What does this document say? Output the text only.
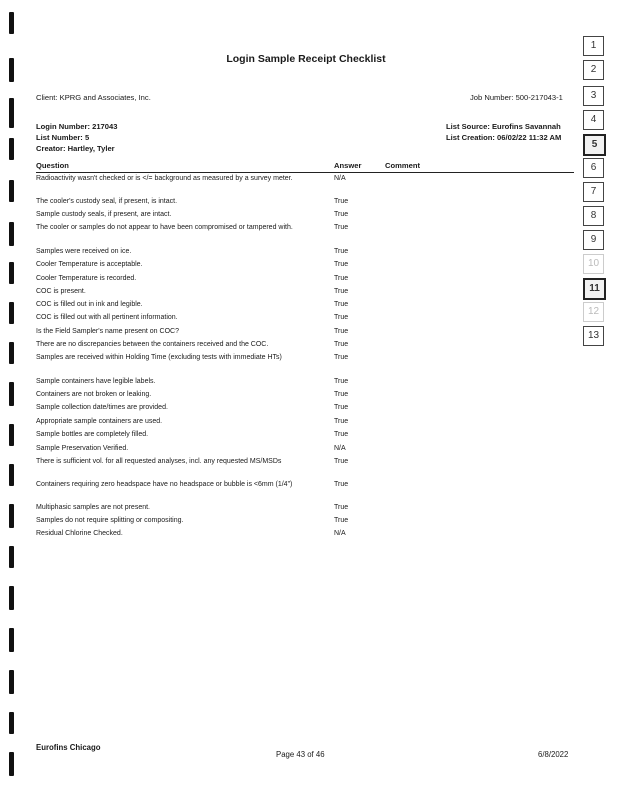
1
2
3
4
5
6
7
8
9
10
11
12
13
Login Sample Receipt Checklist
Client: KPRG and Associates, Inc.	Job Number: 500-217043-1
Login Number: 217043
List Number: 5
Creator: Hartley, Tyler
List Source: Eurofins Savannah
List Creation: 06/02/22 11:32 AM
Question	Answer	Comment
Radioactivity wasn't checked or is </= background as measured by a survey meter.	N/A
The cooler's custody seal, if present, is intact.	True
Sample custody seals, if present, are intact.	True
The cooler or samples do not appear to have been compromised or tampered with.	True
Samples were received on ice.	True
Cooler Temperature is acceptable.	True
Cooler Temperature is recorded.	True
COC is present.	True
COC is filled out in ink and legible.	True
COC is filled out with all pertinent information.	True
Is the Field Sampler's name present on COC?	True
There are no discrepancies between the containers received and the COC.	True
Samples are received within Holding Time (excluding tests with immediate HTs)	True
Sample containers have legible labels.	True
Containers are not broken or leaking.	True
Sample collection date/times are provided.	True
Appropriate sample containers are used.	True
Sample bottles are completely filled.	True
Sample Preservation Verified.	N/A
There is sufficient vol. for all requested analyses, incl. any requested MS/MSDs	True
Containers requiring zero headspace have no headspace or bubble is <6mm (1/4")	True
Multiphasic samples are not present.	True
Samples do not require splitting or compositing.	True
Residual Chlorine Checked.	N/A
Eurofins Chicago
Page 43 of 46	6/8/2022
